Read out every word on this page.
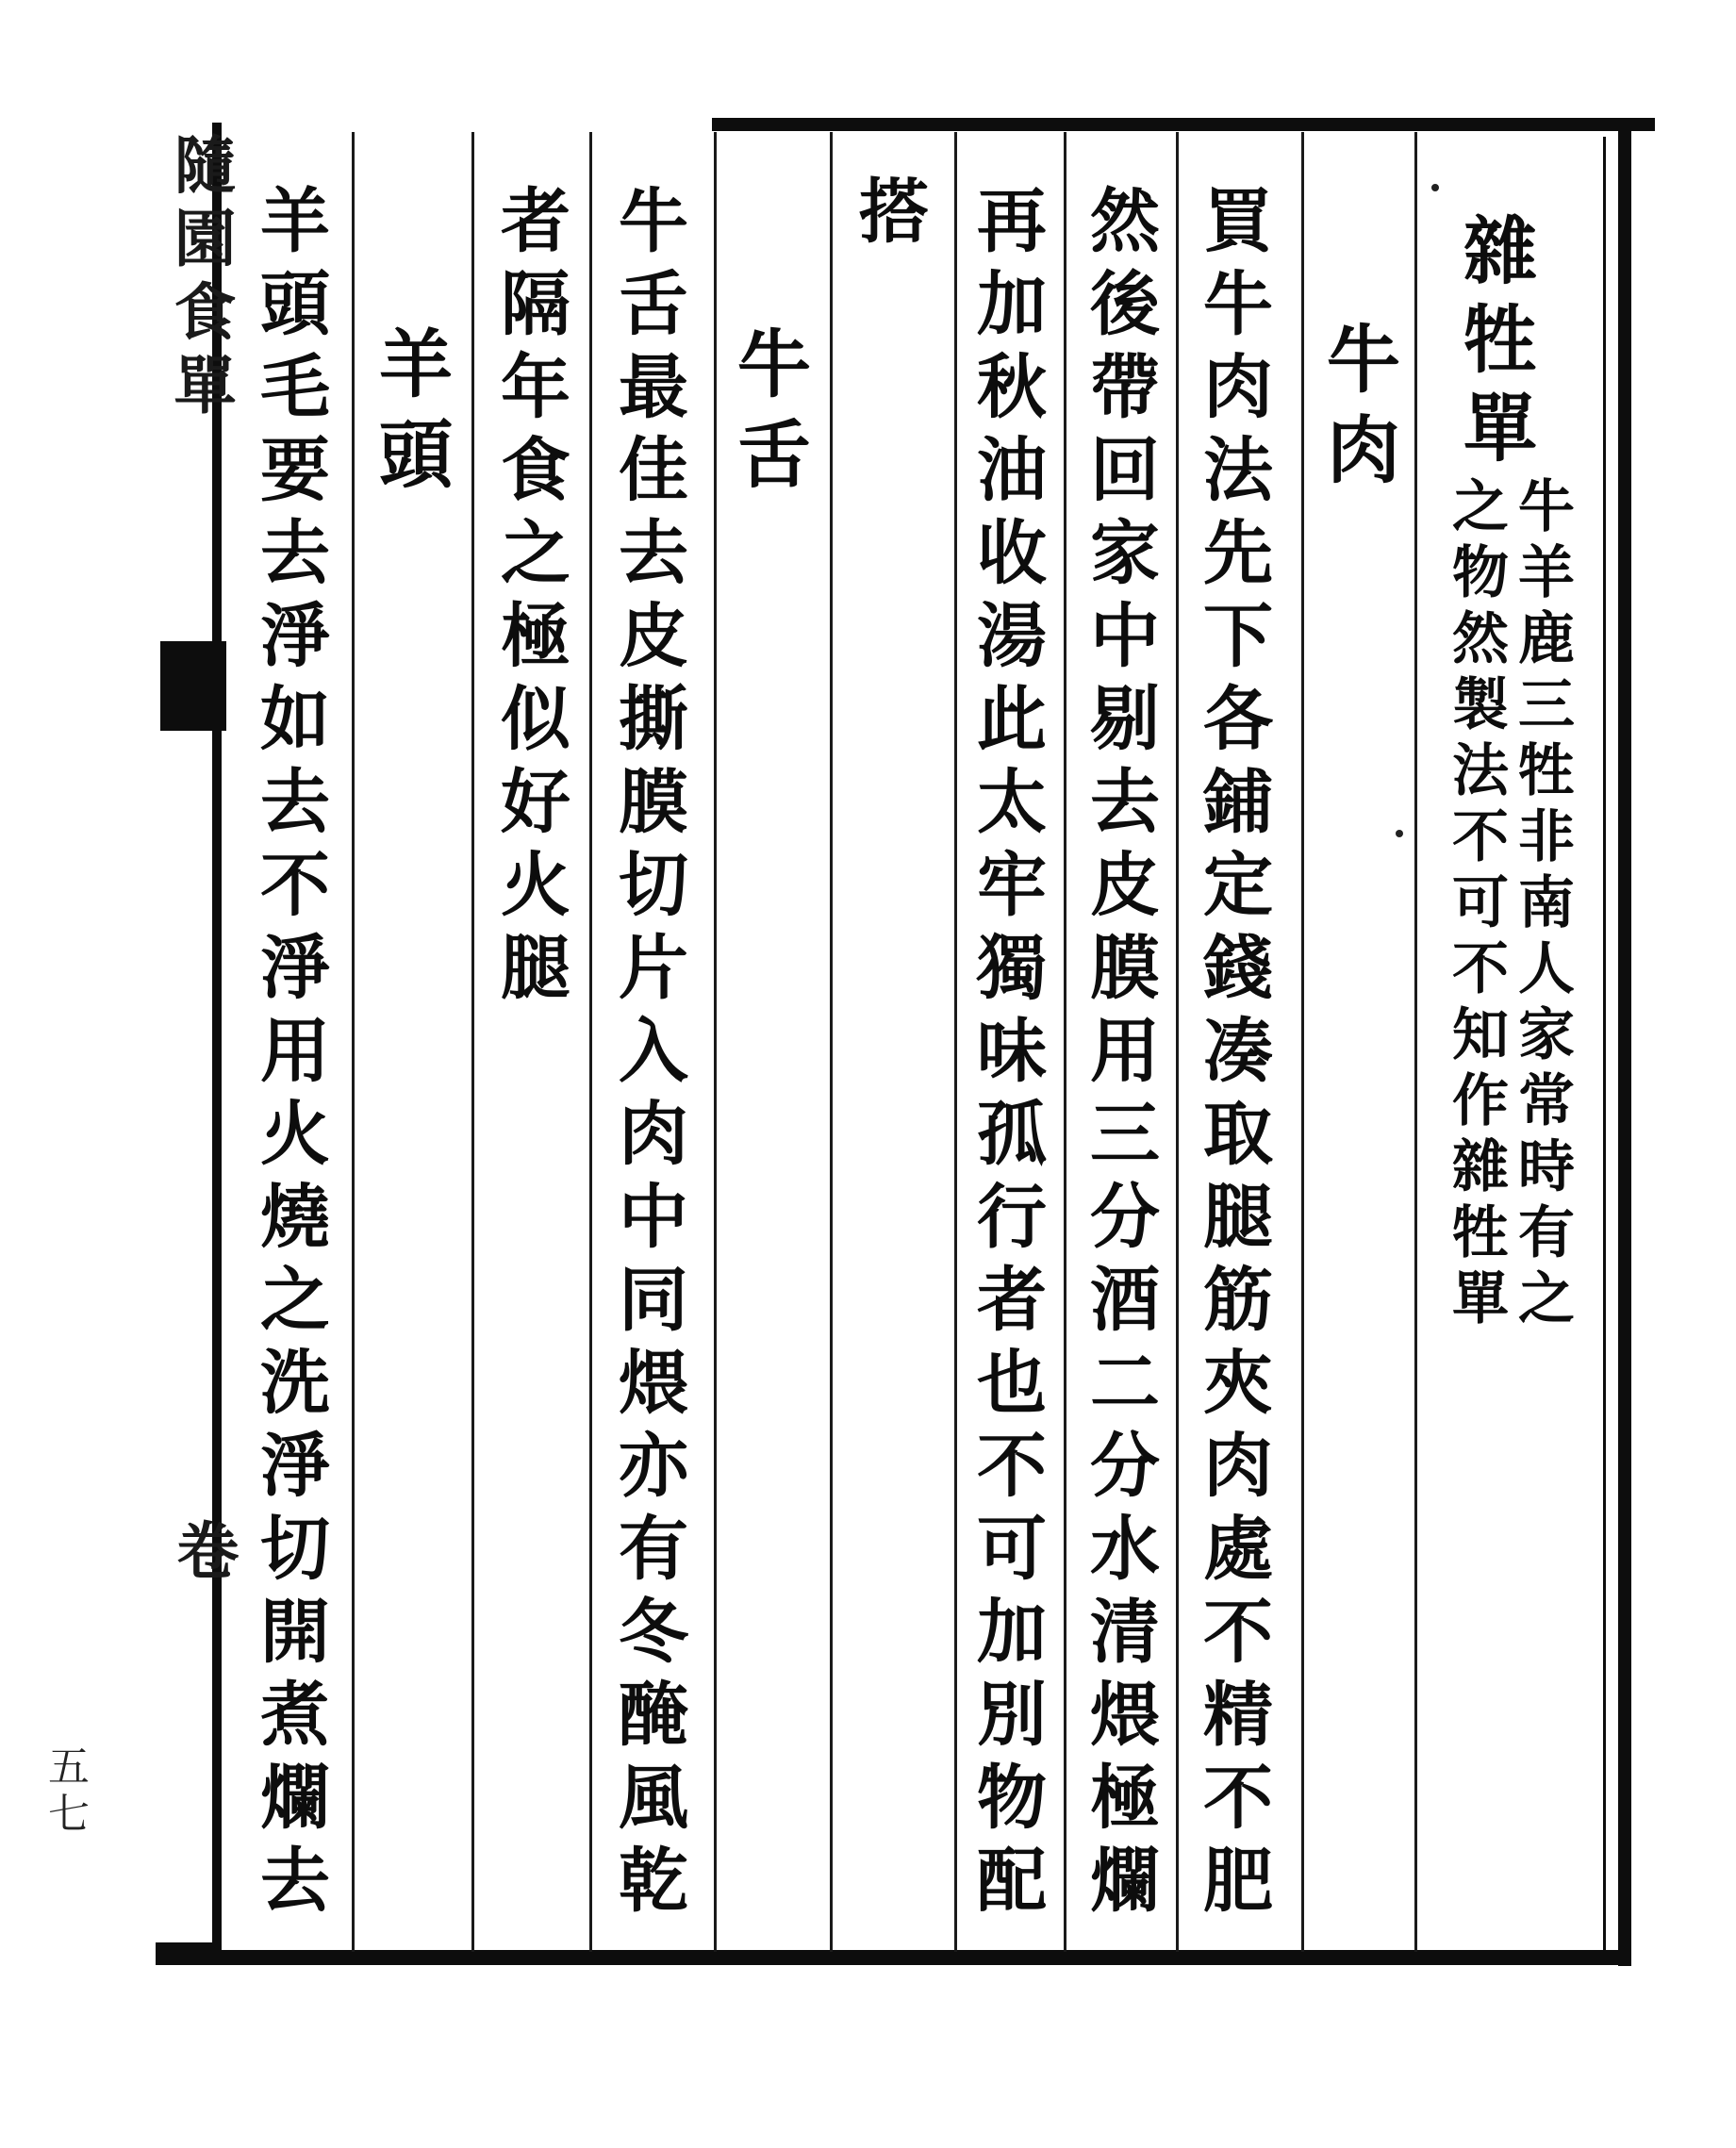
雜牲單
牛羊鹿三牲非南人家常時有之
之物然製法不可不知作雜牲單
牛肉
買牛肉法先下各鋪定錢凑取腿筋夾肉處不精不肥
然後帶回家中剔去皮膜用三分酒二分水清煨極爛
再加秋油收湯此太牢獨味孤行者也不可加別物配
搭
牛舌
牛舌最佳去皮撕膜切片入肉中同煨亦有冬醃風乾
者隔年食之極似好火腿
羊頭
羊頭毛要去淨如去不淨用火燒之洗淨切開煮爛去
隨園食單
卷
五七
